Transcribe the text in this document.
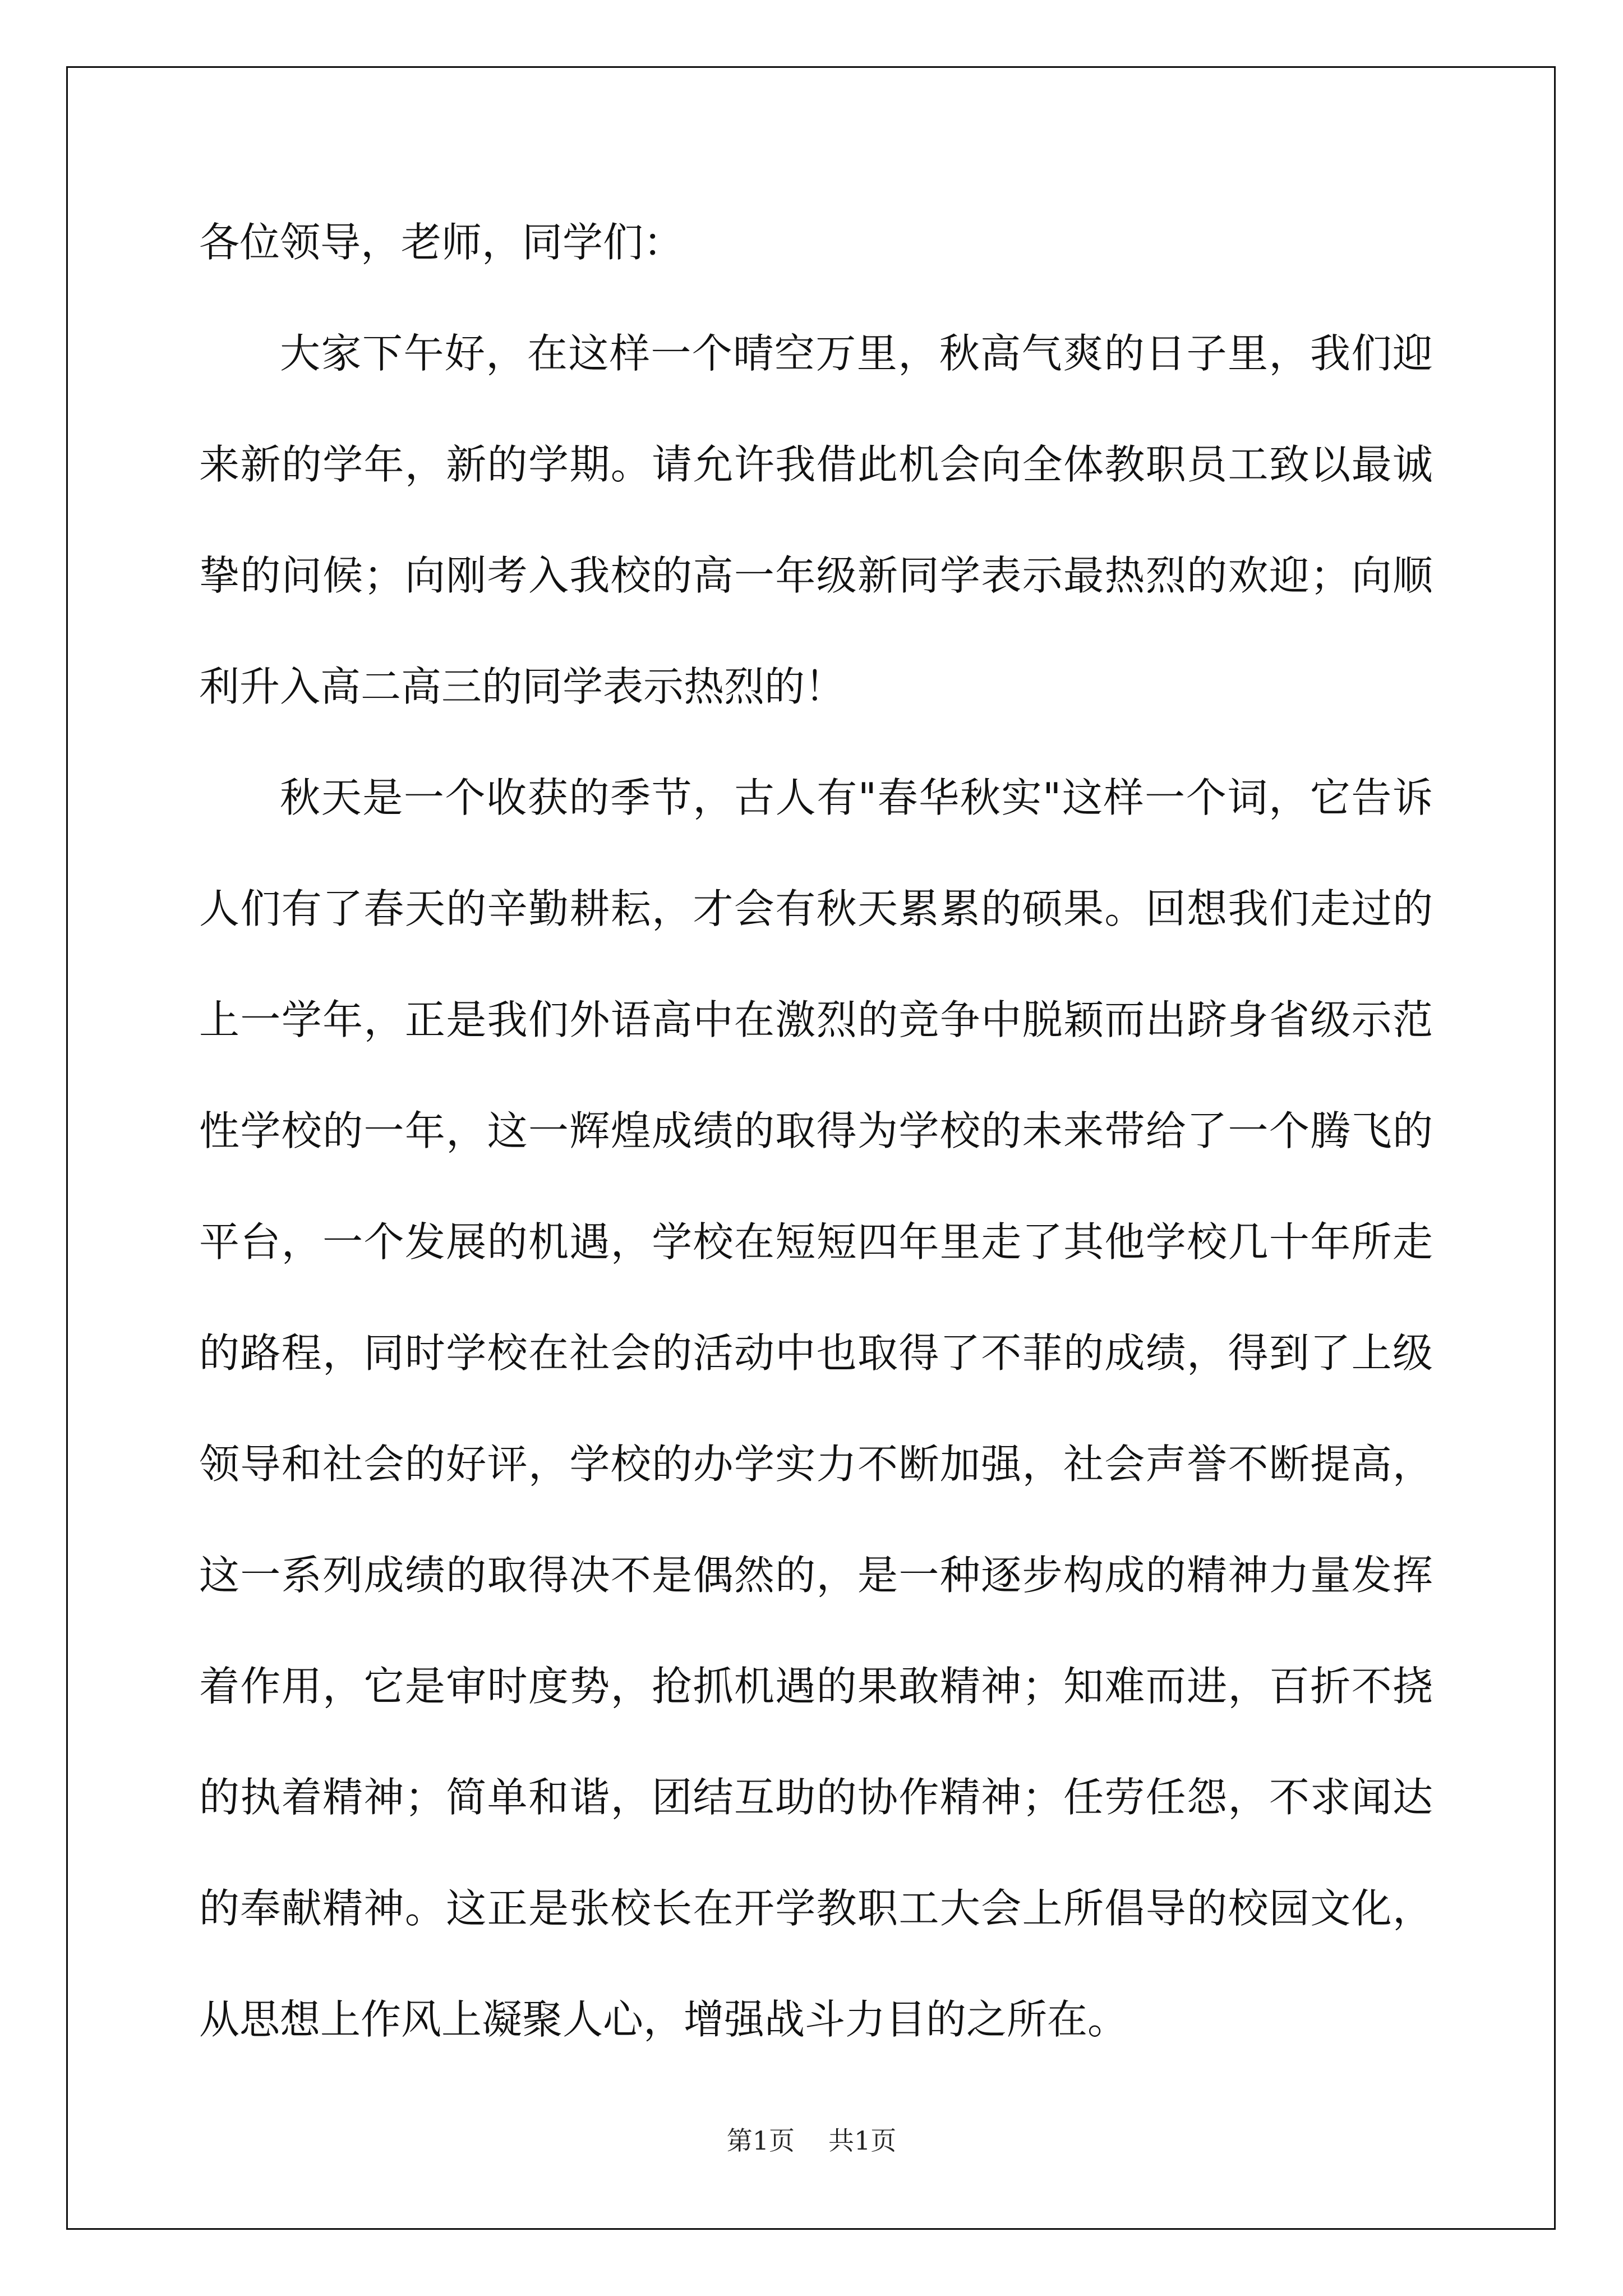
各位领导，老师，同学们：

大家下午好，在这样一个晴空万里，秋高气爽的日子里，我们迎来新的学年，新的学期。请允许我借此机会向全体教职员工致以最诚挚的问候；向刚考入我校的高一年级新同学表示最热烈的欢迎；向顺利升入高二高三的同学表示热烈的！

秋天是一个收获的季节，古人有"春华秋实"这样一个词，它告诉人们有了春天的辛勤耕耘，才会有秋天累累的硕果。回想我们走过的上一学年，正是我们外语高中在激烈的竞争中脱颖而出跻身省级示范性学校的一年，这一辉煌成绩的取得为学校的未来带给了一个腾飞的平台，一个发展的机遇，学校在短短四年里走了其他学校几十年所走的路程，同时学校在社会的活动中也取得了不菲的成绩，得到了上级领导和社会的好评，学校的办学实力不断加强，社会声誉不断提高，这一系列成绩的取得决不是偶然的，是一种逐步构成的精神力量发挥着作用，它是审时度势，抢抓机遇的果敢精神；知难而进，百折不挠的执着精神；简单和谐，团结互助的协作精神；任劳任怨，不求闻达的奉献精神。这正是张校长在开学教职工大会上所倡导的校园文化，从思想上作风上凝聚人心，增强战斗力目的之所在。

第1页 共1页
